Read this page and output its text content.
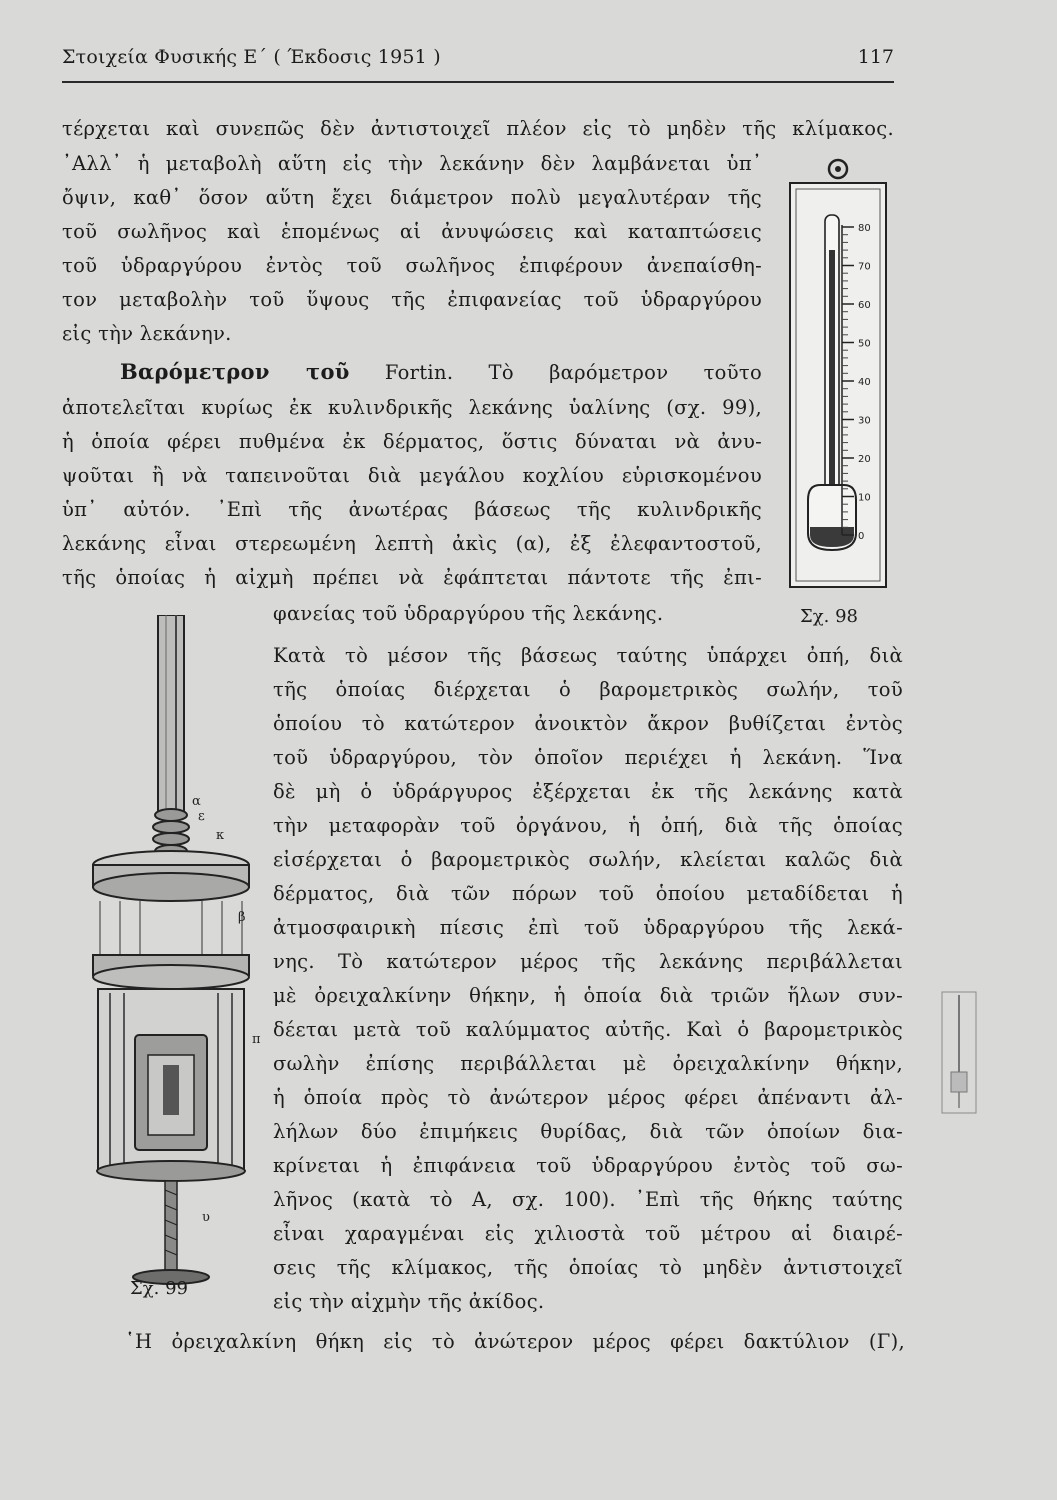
Στοιχεία Φυσικής Ε΄ ( Έκδοσις 1951 )	117
τέρχεται καὶ συνεπῶς δὲν ἀντιστοιχεῖ πλέον εἰς τὸ μηδὲν τῆς κλίμακος.
᾽Αλλ᾽ ἡ μεταβολὴ αὕτη εἰς τὴν λεκάνην δὲν λαμβάνεται ὑπ᾽
ὄψιν, καθ᾽ ὅσον αὕτη ἔχει διάμετρον πολὺ μεγαλυτέραν τῆς
τοῦ σωλῆνος καὶ ἑπομένως αἱ ἀνυψώσεις καὶ καταπτώσεις
τοῦ ὑδραργύρου ἐντὸς τοῦ σωλῆνος ἐπιφέρουν ἀνεπαίσθη-
τον μεταβολὴν τοῦ ὕψους τῆς ἐπιφανείας τοῦ ὑδραργύρου
εἰς τὴν λεκάνην.
Βαρόμετρον τοῦ Fortin. Τὸ βαρόμετρον τοῦτο
ἀποτελεῖται κυρίως ἐκ κυλινδρικῆς λεκάνης ὑαλίνης (σχ. 99),
ἡ ὁποία φέρει πυθμένα ἐκ δέρματος, ὅστις δύναται νὰ ἀνυ-
ψοῦται ἢ νὰ ταπεινοῦται διὰ μεγάλου κοχλίου εὑρισκομένου
ὑπ᾽ αὐτόν. ᾽Επὶ τῆς ἀνωτέρας βάσεως τῆς κυλινδρικῆς
λεκάνης εἶναι στερεωμένη λεπτὴ ἀκὶς (α), ἐξ ἐλεφαντοστοῦ,
τῆς ὁποίας ἡ αἰχμὴ πρέπει νὰ ἐφάπτεται πάντοτε τῆς ἐπι-
φανείας τοῦ ὑδραργύρου τῆς λεκάνης.
Κατὰ τὸ μέσον τῆς βάσεως ταύτης ὑπάρχει ὀπή, διὰ
τῆς ὁποίας διέρχεται ὁ βαρομετρικὸς σωλήν, τοῦ
ὁποίου τὸ κατώτερον ἀνοικτὸν ἄκρον βυθίζεται ἐντὸς
τοῦ ὑδραργύρου, τὸν ὁποῖον περιέχει ἡ λεκάνη. Ἵνα
δὲ μὴ ὁ ὑδράργυρος ἐξέρχεται ἐκ τῆς λεκάνης κατὰ
τὴν μεταφορὰν τοῦ ὀργάνου, ἡ ὀπή, διὰ τῆς ὁποίας
εἰσέρχεται ὁ βαρομετρικὸς σωλήν, κλείεται καλῶς διὰ
δέρματος, διὰ τῶν πόρων τοῦ ὁποίου μεταδίδεται ἡ
ἀτμοσφαιρικὴ πίεσις ἐπὶ τοῦ ὑδραργύρου τῆς λεκά-
νης. Τὸ κατώτερον μέρος τῆς λεκάνης περιβάλλεται
μὲ ὀρειχαλκίνην θήκην, ἡ ὁποία διὰ τριῶν ἥλων συν-
δέεται μετὰ τοῦ καλύμματος αὐτῆς. Καὶ ὁ βαρομετρικὸς
σωλὴν ἐπίσης περιβάλλεται μὲ ὀρειχαλκίνην θήκην,
ἡ ὁποία πρὸς τὸ ἀνώτερον μέρος φέρει ἀπέναντι ἀλ-
λήλων δύο ἐπιμήκεις θυρίδας, διὰ τῶν ὁποίων δια-
κρίνεται ἡ ἐπιφάνεια τοῦ ὑδραργύρου ἐντὸς τοῦ σω-
λῆνος (κατὰ τὸ Α, σχ. 100). ᾽Επὶ τῆς θήκης ταύτης
εἶναι χαραγμέναι εἰς χιλιοστὰ τοῦ μέτρου αἱ διαιρέ-
σεις τῆς κλίμακος, τῆς ὁποίας τὸ μηδὲν ἀντιστοιχεῖ
εἰς τὴν αἰχμὴν τῆς ἀκίδος.
῾Η ὀρειχαλκίνη θήκη εἰς τὸ ἀνώτερον μέρος φέρει δακτύλιον (Γ),
80
70
60
50
40
30
20
10
0
Σχ. 98
α
ε
κ
β
π
υ
Σχ. 99
